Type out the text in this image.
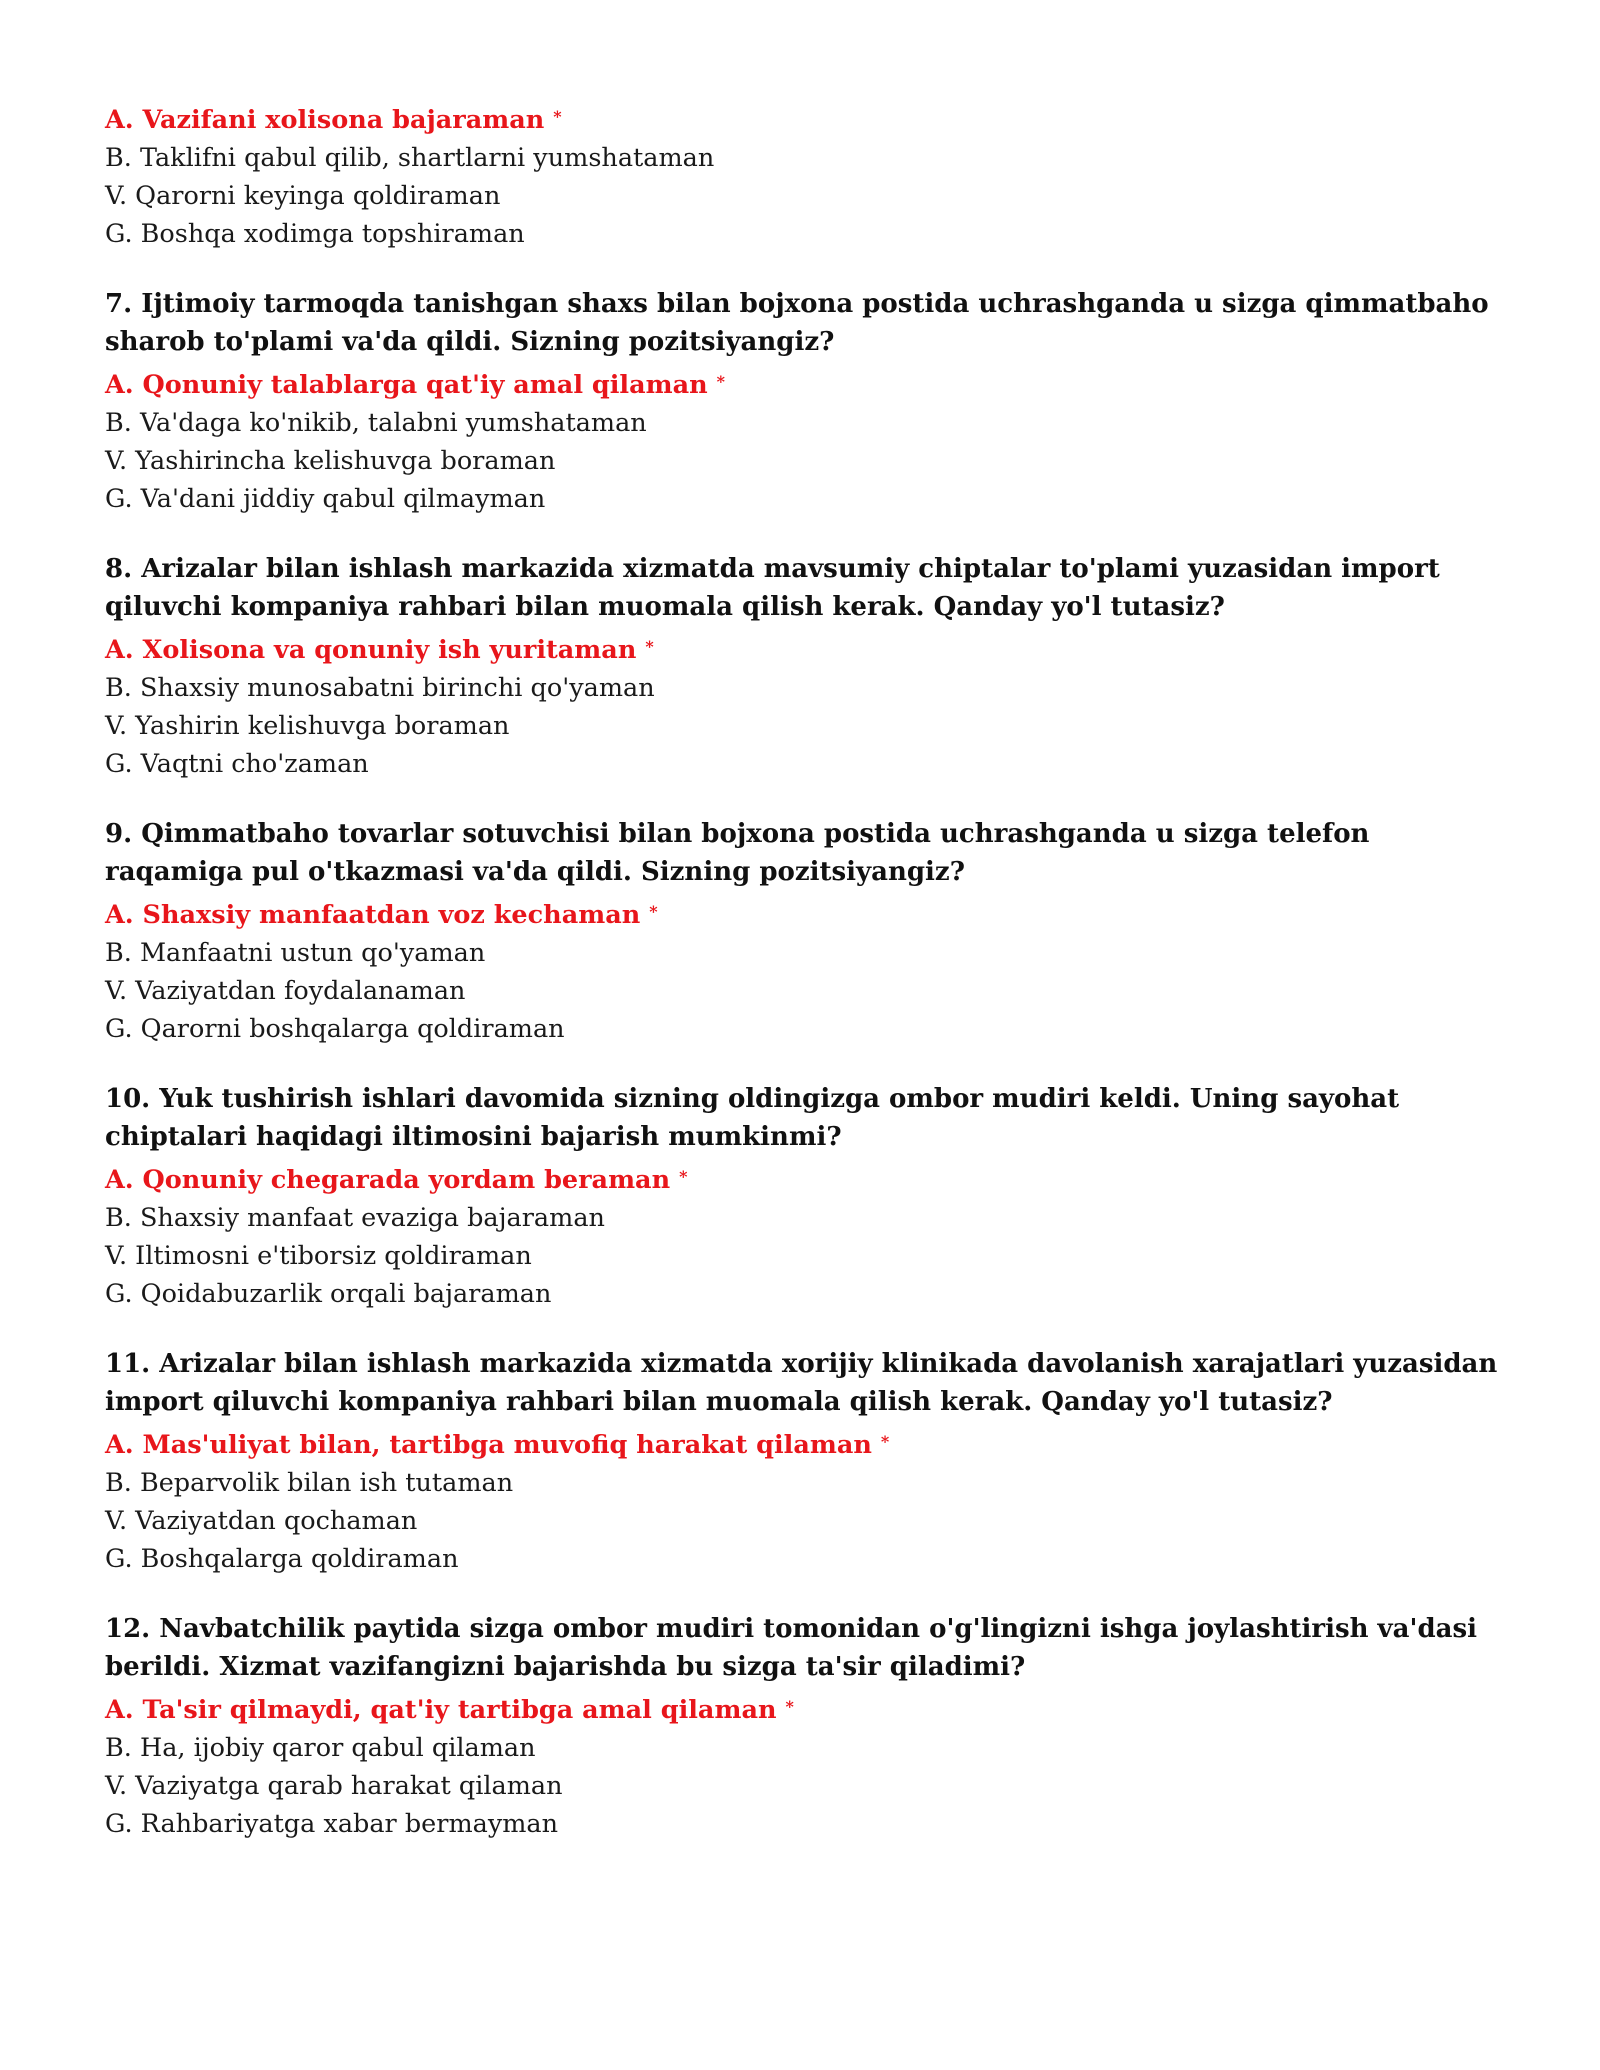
A. Vazifani xolisona bajaraman *

B. Taklifni qabul qilib, shartlarni yumshataman

V. Qarorni keyinga qoldiraman

G. Boshqa xodimga topshiraman

7. Ijtimoiy tarmoqda tanishgan shaxs bilan bojxona postida uchrashganda u sizga qimmatbaho sharob to'plami va'da qildi. Sizning pozitsiyangiz?

A. Qonuniy talablarga qat'iy amal qilaman *

B. Va'daga ko'nikib, talabni yumshataman

V. Yashirincha kelishuvga boraman

G. Va'dani jiddiy qabul qilmayman

8. Arizalar bilan ishlash markazida xizmatda mavsumiy chiptalar to'plami yuzasidan import qiluvchi kompaniya rahbari bilan muomala qilish kerak. Qanday yo'l tutasiz?

A. Xolisona va qonuniy ish yuritaman *

B. Shaxsiy munosabatni birinchi qo'yaman

V. Yashirin kelishuvga boraman

G. Vaqtni cho'zaman

9. Qimmatbaho tovarlar sotuvchisi bilan bojxona postida uchrashganda u sizga telefon raqamiga pul o'tkazmasi va'da qildi. Sizning pozitsiyangiz?

A. Shaxsiy manfaatdan voz kechaman *

B. Manfaatni ustun qo'yaman

V. Vaziyatdan foydalanaman

G. Qarorni boshqalarga qoldiraman

10. Yuk tushirish ishlari davomida sizning oldingizga ombor mudiri keldi. Uning sayohat chiptalari haqidagi iltimosini bajarish mumkinmi?

A. Qonuniy chegarada yordam beraman *

B. Shaxsiy manfaat evaziga bajaraman

V. Iltimosni e'tiborsiz qoldiraman

G. Qoidabuzarlik orqali bajaraman

11. Arizalar bilan ishlash markazida xizmatda xorijiy klinikada davolanish xarajatlari yuzasidan import qiluvchi kompaniya rahbari bilan muomala qilish kerak. Qanday yo'l tutasiz?

A. Mas'uliyat bilan, tartibga muvofiq harakat qilaman *

B. Beparvolik bilan ish tutaman

V. Vaziyatdan qochaman

G. Boshqalarga qoldiraman

12. Navbatchilik paytida sizga ombor mudiri tomonidan o'g'lingizni ishga joylashtirish va'dasi berildi. Xizmat vazifangizni bajarishda bu sizga ta'sir qiladimi?

A. Ta'sir qilmaydi, qat'iy tartibga amal qilaman *

B. Ha, ijobiy qaror qabul qilaman

V. Vaziyatga qarab harakat qilaman

G. Rahbariyatga xabar bermayman
